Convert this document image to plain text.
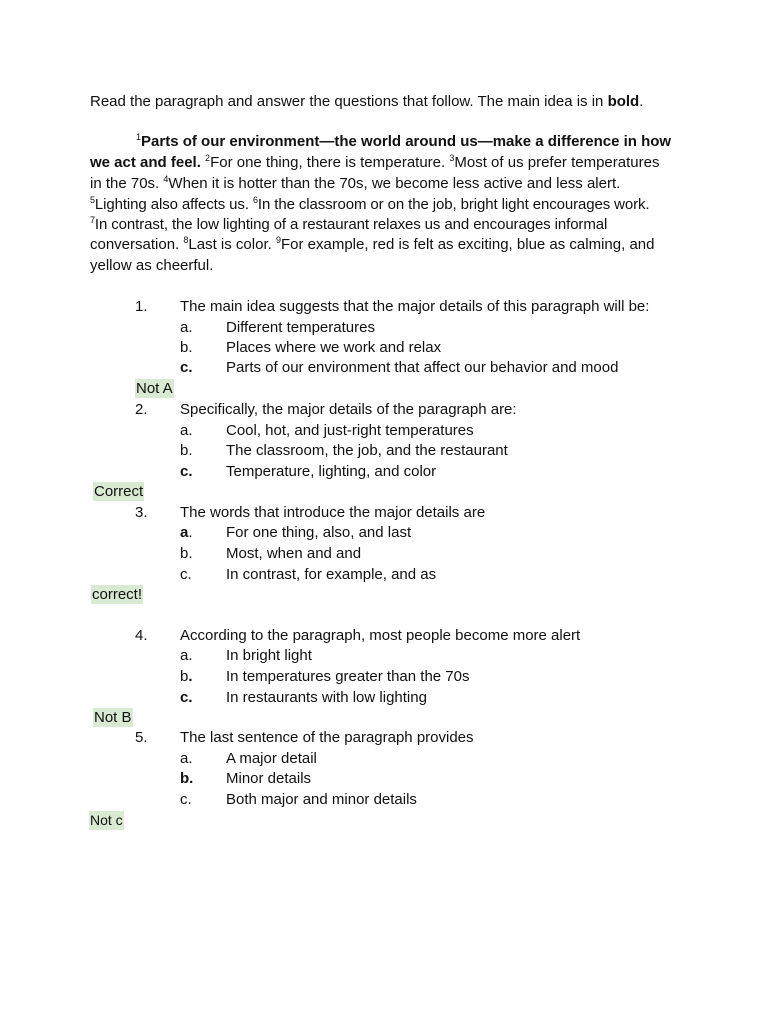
Read the paragraph and answer the questions that follow. The main idea is in bold.
$^1$Parts of our environment—the world around us—make a difference in how
we act and feel. $^2$For one thing, there is temperature. $^3$Most of us prefer temperatures
in the 70s. $^4$When it is hotter than the 70s, we become less active and less alert.
$^5$Lighting also affects us. $^6$In the classroom or on the job, bright light encourages work.
$^7$In contrast, the low lighting of a restaurant relaxes us and encourages informal
conversation. $^8$Last is color. $^9$For example, red is felt as exciting, blue as calming, and
yellow as cheerful.
1. The main idea suggests that the major details of this paragraph will be:
a. Different temperatures
b. Places where we work and relax
c. Parts of our environment that affect our behavior and mood
Not A
2. Specifically, the major details of the paragraph are:
a. Cool, hot, and just-right temperatures
b. The classroom, the job, and the restaurant
c. Temperature, lighting, and color
Correct
3. The words that introduce the major details are
a. For one thing, also, and last
b. Most, when and and
c. In contrast, for example, and as
correct!
4. According to the paragraph, most people become more alert
a. In bright light
b. In temperatures greater than the 70s
c. In restaurants with low lighting
Not B
5. The last sentence of the paragraph provides
a. A major detail
b. Minor details
c. Both major and minor details
Not c
